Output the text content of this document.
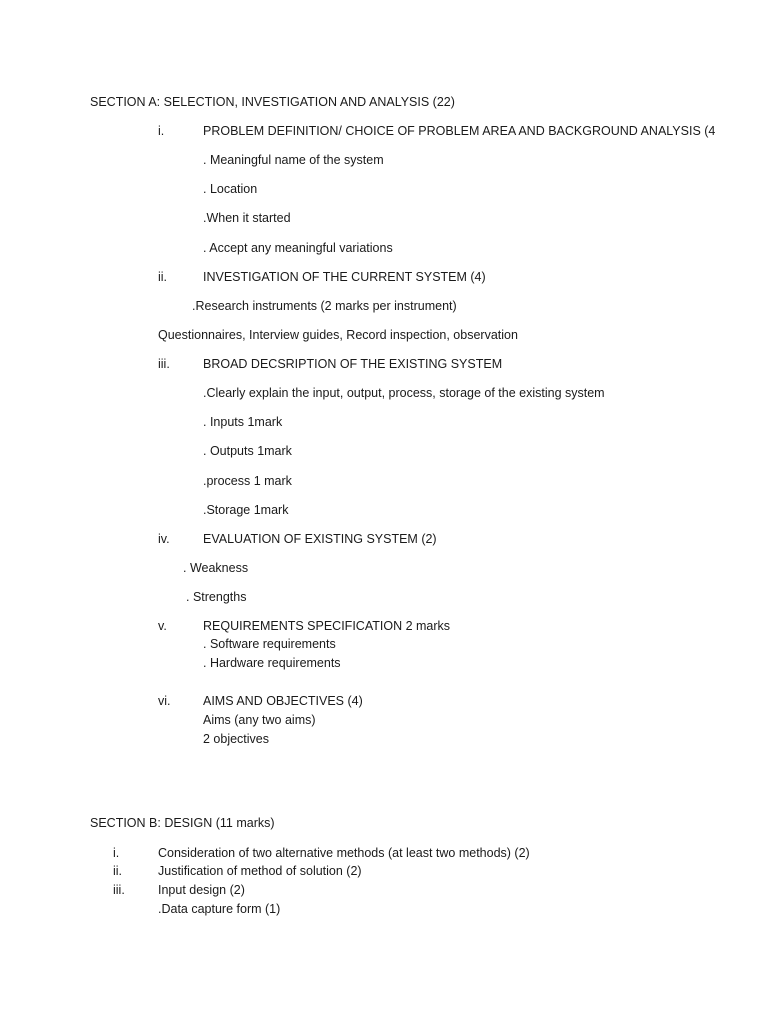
SECTION A: SELECTION, INVESTIGATION AND ANALYSIS (22)
i.	PROBLEM DEFINITION/ CHOICE OF PROBLEM AREA AND BACKGROUND ANALYSIS (4
. Meaningful name of the system
. Location
.When it started
. Accept any meaningful variations
ii.	INVESTIGATION OF THE CURRENT SYSTEM (4)
.Research instruments (2 marks per instrument)
Questionnaires, Interview guides, Record inspection, observation
iii.	BROAD DECSRIPTION OF THE EXISTING SYSTEM
.Clearly explain the input, output, process, storage of the existing system
. Inputs 1mark
. Outputs 1mark
.process 1 mark
.Storage 1mark
iv.	EVALUATION OF EXISTING SYSTEM (2)
. Weakness
. Strengths
v.	REQUIREMENTS SPECIFICATION 2 marks
. Software requirements
. Hardware requirements
vi.	AIMS AND OBJECTIVES (4)
Aims (any two aims)
2 objectives
SECTION B: DESIGN (11 marks)
i.	Consideration of two alternative methods (at least two methods) (2)
ii.	Justification of method of solution (2)
iii.	Input design (2)
.Data capture form (1)
